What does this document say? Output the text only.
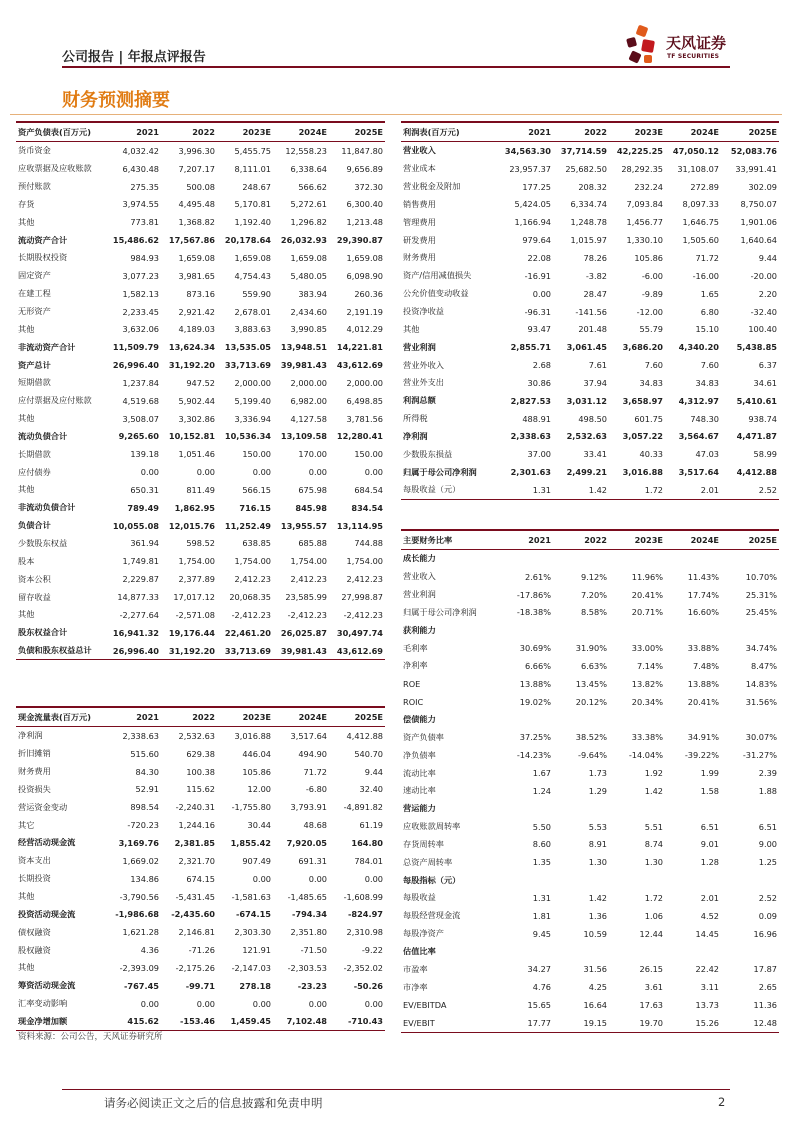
公司报告 | 年报点评报告
天风证券
TF SECURITIES
财务预测摘要
资产负债表(百万元)	2021	2022	2023E	2024E	2025E
货币资金	4,032.42	3,996.30	5,455.75	12,558.23	11,847.80
应收票据及应收账款	6,430.48	7,207.17	8,111.01	6,338.64	9,656.89
预付账款	275.35	500.08	248.67	566.62	372.30
存货	3,974.55	4,495.48	5,170.81	5,272.61	6,300.40
其他	773.81	1,368.82	1,192.40	1,296.82	1,213.48
流动资产合计	15,486.62	17,567.86	20,178.64	26,032.93	29,390.87
长期股权投资	984.93	1,659.08	1,659.08	1,659.08	1,659.08
固定资产	3,077.23	3,981.65	4,754.43	5,480.05	6,098.90
在建工程	1,582.13	873.16	559.90	383.94	260.36
无形资产	2,233.45	2,921.42	2,678.01	2,434.60	2,191.19
其他	3,632.06	4,189.03	3,883.63	3,990.85	4,012.29
非流动资产合计	11,509.79	13,624.34	13,535.05	13,948.51	14,221.81
资产总计	26,996.40	31,192.20	33,713.69	39,981.43	43,612.69
短期借款	1,237.84	947.52	2,000.00	2,000.00	2,000.00
应付票据及应付账款	4,519.68	5,902.44	5,199.40	6,982.00	6,498.85
其他	3,508.07	3,302.86	3,336.94	4,127.58	3,781.56
流动负债合计	9,265.60	10,152.81	10,536.34	13,109.58	12,280.41
长期借款	139.18	1,051.46	150.00	170.00	150.00
应付债券	0.00	0.00	0.00	0.00	0.00
其他	650.31	811.49	566.15	675.98	684.54
非流动负债合计	789.49	1,862.95	716.15	845.98	834.54
负债合计	10,055.08	12,015.76	11,252.49	13,955.57	13,114.95
少数股东权益	361.94	598.52	638.85	685.88	744.88
股本	1,749.81	1,754.00	1,754.00	1,754.00	1,754.00
资本公积	2,229.87	2,377.89	2,412.23	2,412.23	2,412.23
留存收益	14,877.33	17,017.12	20,068.35	23,585.99	27,998.87
其他	-2,277.64	-2,571.08	-2,412.23	-2,412.23	-2,412.23
股东权益合计	16,941.32	19,176.44	22,461.20	26,025.87	30,497.74
负债和股东权益总计	26,996.40	31,192.20	33,713.69	39,981.43	43,612.69
利润表(百万元)	2021	2022	2023E	2024E	2025E
营业收入	34,563.30	37,714.59	42,225.25	47,050.12	52,083.76
营业成本	23,957.37	25,682.50	28,292.35	31,108.07	33,991.41
营业税金及附加	177.25	208.32	232.24	272.89	302.09
销售费用	5,424.05	6,334.74	7,093.84	8,097.33	8,750.07
管理费用	1,166.94	1,248.78	1,456.77	1,646.75	1,901.06
研发费用	979.64	1,015.97	1,330.10	1,505.60	1,640.64
财务费用	22.08	78.26	105.86	71.72	9.44
资产/信用减值损失	-16.91	-3.82	-6.00	-16.00	-20.00
公允价值变动收益	0.00	28.47	-9.89	1.65	2.20
投资净收益	-96.31	-141.56	-12.00	6.80	-32.40
其他	93.47	201.48	55.79	15.10	100.40
营业利润	2,855.71	3,061.45	3,686.20	4,340.20	5,438.85
营业外收入	2.68	7.61	7.60	7.60	6.37
营业外支出	30.86	37.94	34.83	34.83	34.61
利润总额	2,827.53	3,031.12	3,658.97	4,312.97	5,410.61
所得税	488.91	498.50	601.75	748.30	938.74
净利润	2,338.63	2,532.63	3,057.22	3,564.67	4,471.87
少数股东损益	37.00	33.41	40.33	47.03	58.99
归属于母公司净利润	2,301.63	2,499.21	3,016.88	3,517.64	4,412.88
每股收益（元）	1.31	1.42	1.72	2.01	2.52
主要财务比率	2021	2022	2023E	2024E	2025E
成长能力					
营业收入	2.61%	9.12%	11.96%	11.43%	10.70%
营业利润	-17.86%	7.20%	20.41%	17.74%	25.31%
归属于母公司净利润	-18.38%	8.58%	20.71%	16.60%	25.45%
获利能力					
毛利率	30.69%	31.90%	33.00%	33.88%	34.74%
净利率	6.66%	6.63%	7.14%	7.48%	8.47%
ROE	13.88%	13.45%	13.82%	13.88%	14.83%
ROIC	19.02%	20.12%	20.34%	20.41%	31.56%
偿债能力					
资产负债率	37.25%	38.52%	33.38%	34.91%	30.07%
净负债率	-14.23%	-9.64%	-14.04%	-39.22%	-31.27%
流动比率	1.67	1.73	1.92	1.99	2.39
速动比率	1.24	1.29	1.42	1.58	1.88
营运能力					
应收账款周转率	5.50	5.53	5.51	6.51	6.51
存货周转率	8.60	8.91	8.74	9.01	9.00
总资产周转率	1.35	1.30	1.30	1.28	1.25
每股指标（元）					
每股收益	1.31	1.42	1.72	2.01	2.52
每股经营现金流	1.81	1.36	1.06	4.52	0.09
每股净资产	9.45	10.59	12.44	14.45	16.96
估值比率					
市盈率	34.27	31.56	26.15	22.42	17.87
市净率	4.76	4.25	3.61	3.11	2.65
EV/EBITDA	15.65	16.64	17.63	13.73	11.36
EV/EBIT	17.77	19.15	19.70	15.26	12.48
现金流量表(百万元)	2021	2022	2023E	2024E	2025E
净利润	2,338.63	2,532.63	3,016.88	3,517.64	4,412.88
折旧摊销	515.60	629.38	446.04	494.90	540.70
财务费用	84.30	100.38	105.86	71.72	9.44
投资损失	52.91	115.62	12.00	-6.80	32.40
营运资金变动	898.54	-2,240.31	-1,755.80	3,793.91	-4,891.82
其它	-720.23	1,244.16	30.44	48.68	61.19
经营活动现金流	3,169.76	2,381.85	1,855.42	7,920.05	164.80
资本支出	1,669.02	2,321.70	907.49	691.31	784.01
长期投资	134.86	674.15	0.00	0.00	0.00
其他	-3,790.56	-5,431.45	-1,581.63	-1,485.65	-1,608.99
投资活动现金流	-1,986.68	-2,435.60	-674.15	-794.34	-824.97
债权融资	1,621.28	2,146.81	2,303.30	2,351.80	2,310.98
股权融资	4.36	-71.26	121.91	-71.50	-9.22
其他	-2,393.09	-2,175.26	-2,147.03	-2,303.53	-2,352.02
筹资活动现金流	-767.45	-99.71	278.18	-23.23	-50.26
汇率变动影响	0.00	0.00	0.00	0.00	0.00
现金净增加额	415.62	-153.46	1,459.45	7,102.48	-710.43
资料来源：公司公告，天风证券研究所
请务必阅读正文之后的信息披露和免责申明	2
